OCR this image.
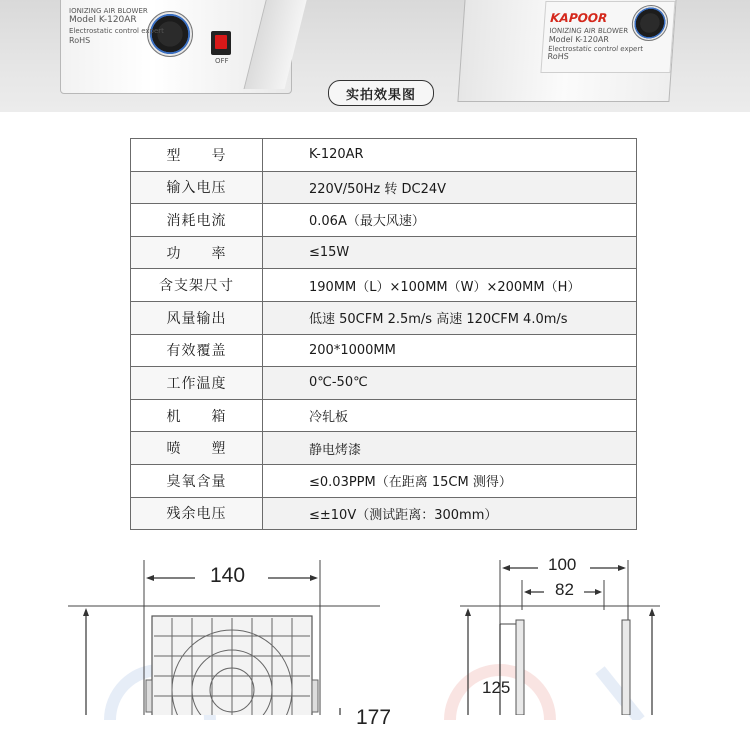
OFF
IONIZING AIR BLOWER
Model K-120AR
Electrostatic control expert
RoHS
KAPOOR
IONIZING AIR BLOWER
Model K-120AR
Electrostatic control expert
RoHS
实拍效果图
型　　号	K-120AR
输入电压	220V/50Hz 转 DC24V
消耗电流	0.06A（最大风速）
功　　率	≤15W
含支架尺寸	190MM（L）×100MM（W）×200MM（H）
风量输出	低速 50CFM 2.5m/s 高速 120CFM 4.0m/s
有效覆盖	200*1000MM
工作温度	0℃-50℃
机　　箱	冷轧板
喷　　塑	静电烤漆
臭氧含量	≤0.03PPM（在距离 15CM 测得）
残余电压	≤±10V（测试距离：300mm）
140
177
100
82
125
